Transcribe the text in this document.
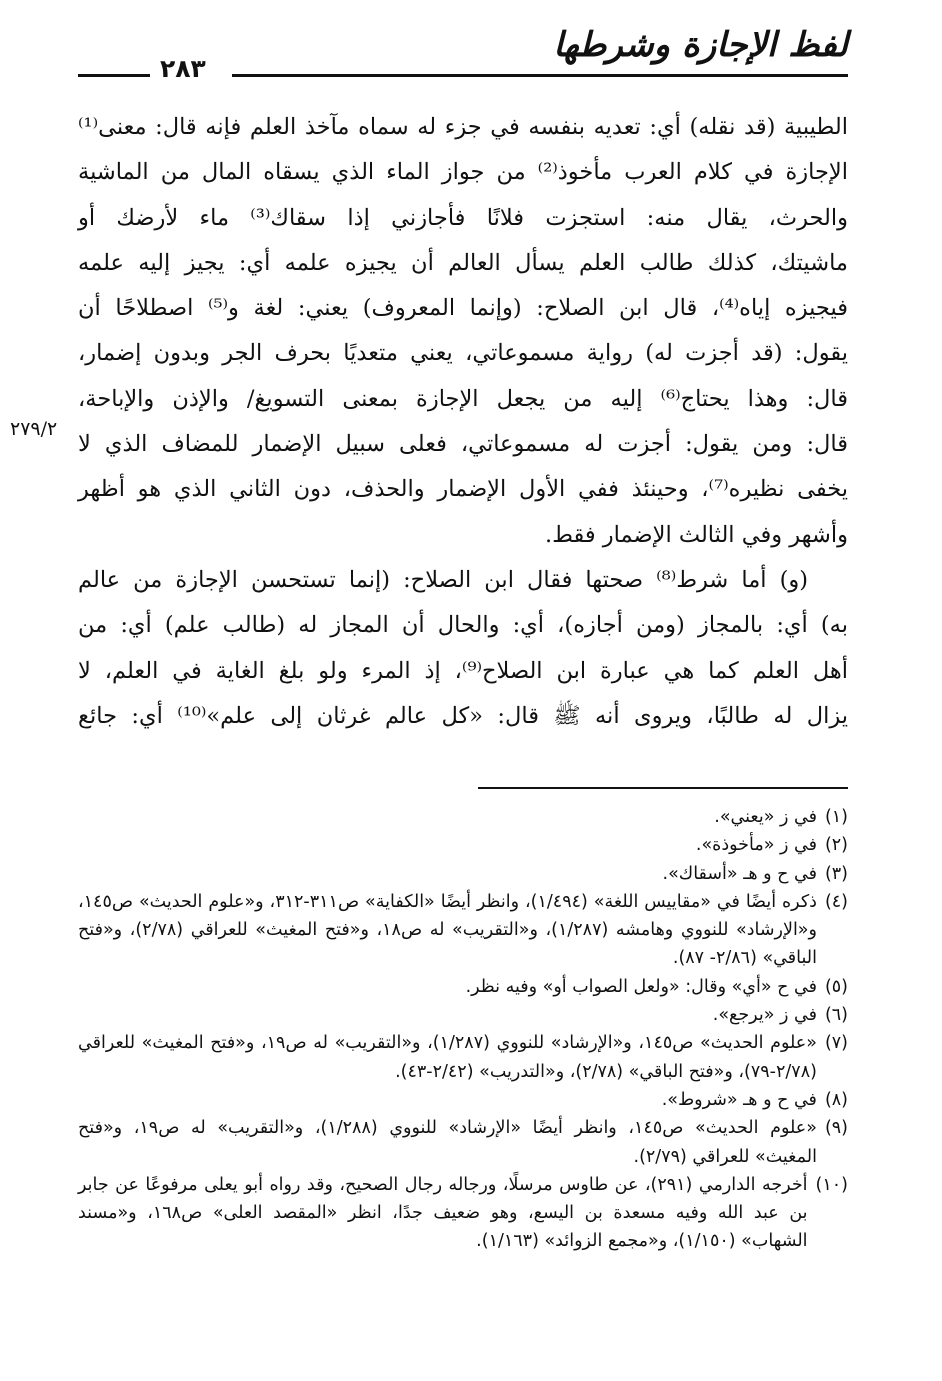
لفظ الإجازة وشرطها
٢٨٣
٢٧٩/٢

الطيبية (قد نقله) أي: تعديه بنفسه في جزء له سماه مآخذ العلم فإنه قال: معنى⁽¹⁾
الإجازة في كلام العرب مأخوذ⁽²⁾ من جواز الماء الذي يسقاه المال من الماشية
والحرث، يقال منه: استجزت فلانًا فأجازني إذا سقاك⁽³⁾ ماء لأرضك أو
ماشيتك، كذلك طالب العلم يسأل العالم أن يجيزه علمه أي: يجيز إليه علمه
فيجيزه إياه⁽⁴⁾، قال ابن الصلاح: (وإنما المعروف) يعني: لغة و⁽⁵⁾ اصطلاحًا أن
يقول: (قد أجزت له) رواية مسموعاتي، يعني متعديًا بحرف الجر وبدون إضمار،
قال: وهذا يحتاج⁽⁶⁾ إليه من يجعل الإجازة بمعنى التسويغ/ والإذن والإباحة،
قال: ومن يقول: أجزت له مسموعاتي، فعلى سبيل الإضمار للمضاف الذي لا
يخفى نظيره⁽⁷⁾، وحينئذ ففي الأول الإضمار والحذف، دون الثاني الذي هو أظهر
وأشهر وفي الثالث الإضمار فقط.

(و) أما شرط⁽⁸⁾ صحتها فقال ابن الصلاح: (إنما تستحسن الإجازة من عالم
به) أي: بالمجاز (ومن أجازه)، أي: والحال أن المجاز له (طالب علم) أي: من
أهل العلم كما هي عبارة ابن الصلاح⁽⁹⁾، إذ المرء ولو بلغ الغاية في العلم، لا
يزال له طالبًا، ويروى أنه ﷺ قال: «كل عالم غرثان إلى علم»⁽¹⁰⁾ أي: جائع

(١)
في ز «يعني».
(٢)
في ز «مأخوذة».
(٣)
في ح و هـ «أسقاك».
(٤)
ذكره أيضًا في «مقاييس اللغة» (١/٤٩٤)، وانظر أيضًا «الكفاية» ص٣١١-٣١٢، و«علوم الحديث» ص١٤٥، و«الإرشاد» للنووي وهامشه (١/٢٨٧)، و«التقريب» له ص١٨، و«فتح المغيث» للعراقي (٢/٧٨)، و«فتح الباقي» (٢/٨٦- ٨٧).
(٥)
في ح «أي» وقال: «ولعل الصواب أو» وفيه نظر.
(٦)
في ز «يرجع».
(٧)
«علوم الحديث» ص١٤٥، و«الإرشاد» للنووي (١/٢٨٧)، و«التقريب» له ص١٩، و«فتح المغيث» للعراقي (٢/٧٨-٧٩)، و«فتح الباقي» (٢/٧٨)، و«التدريب» (٢/٤٢-٤٣).
(٨)
في ح و هـ «شروط».
(٩)
«علوم الحديث» ص١٤٥، وانظر أيضًا «الإرشاد» للنووي (١/٢٨٨)، و«التقريب» له ص١٩، و«فتح المغيث» للعراقي (٢/٧٩).
(١٠)
أخرجه الدارمي (٢٩١)، عن طاوس مرسلًا، ورجاله رجال الصحيح، وقد رواه أبو يعلى مرفوعًا عن جابر بن عبد الله وفيه مسعدة بن اليسع، وهو ضعيف جدًا، انظر «المقصد العلى» ص١٦٨، و«مسند الشهاب» (١/١٥٠)، و«مجمع الزوائد» (١/١٦٣).
